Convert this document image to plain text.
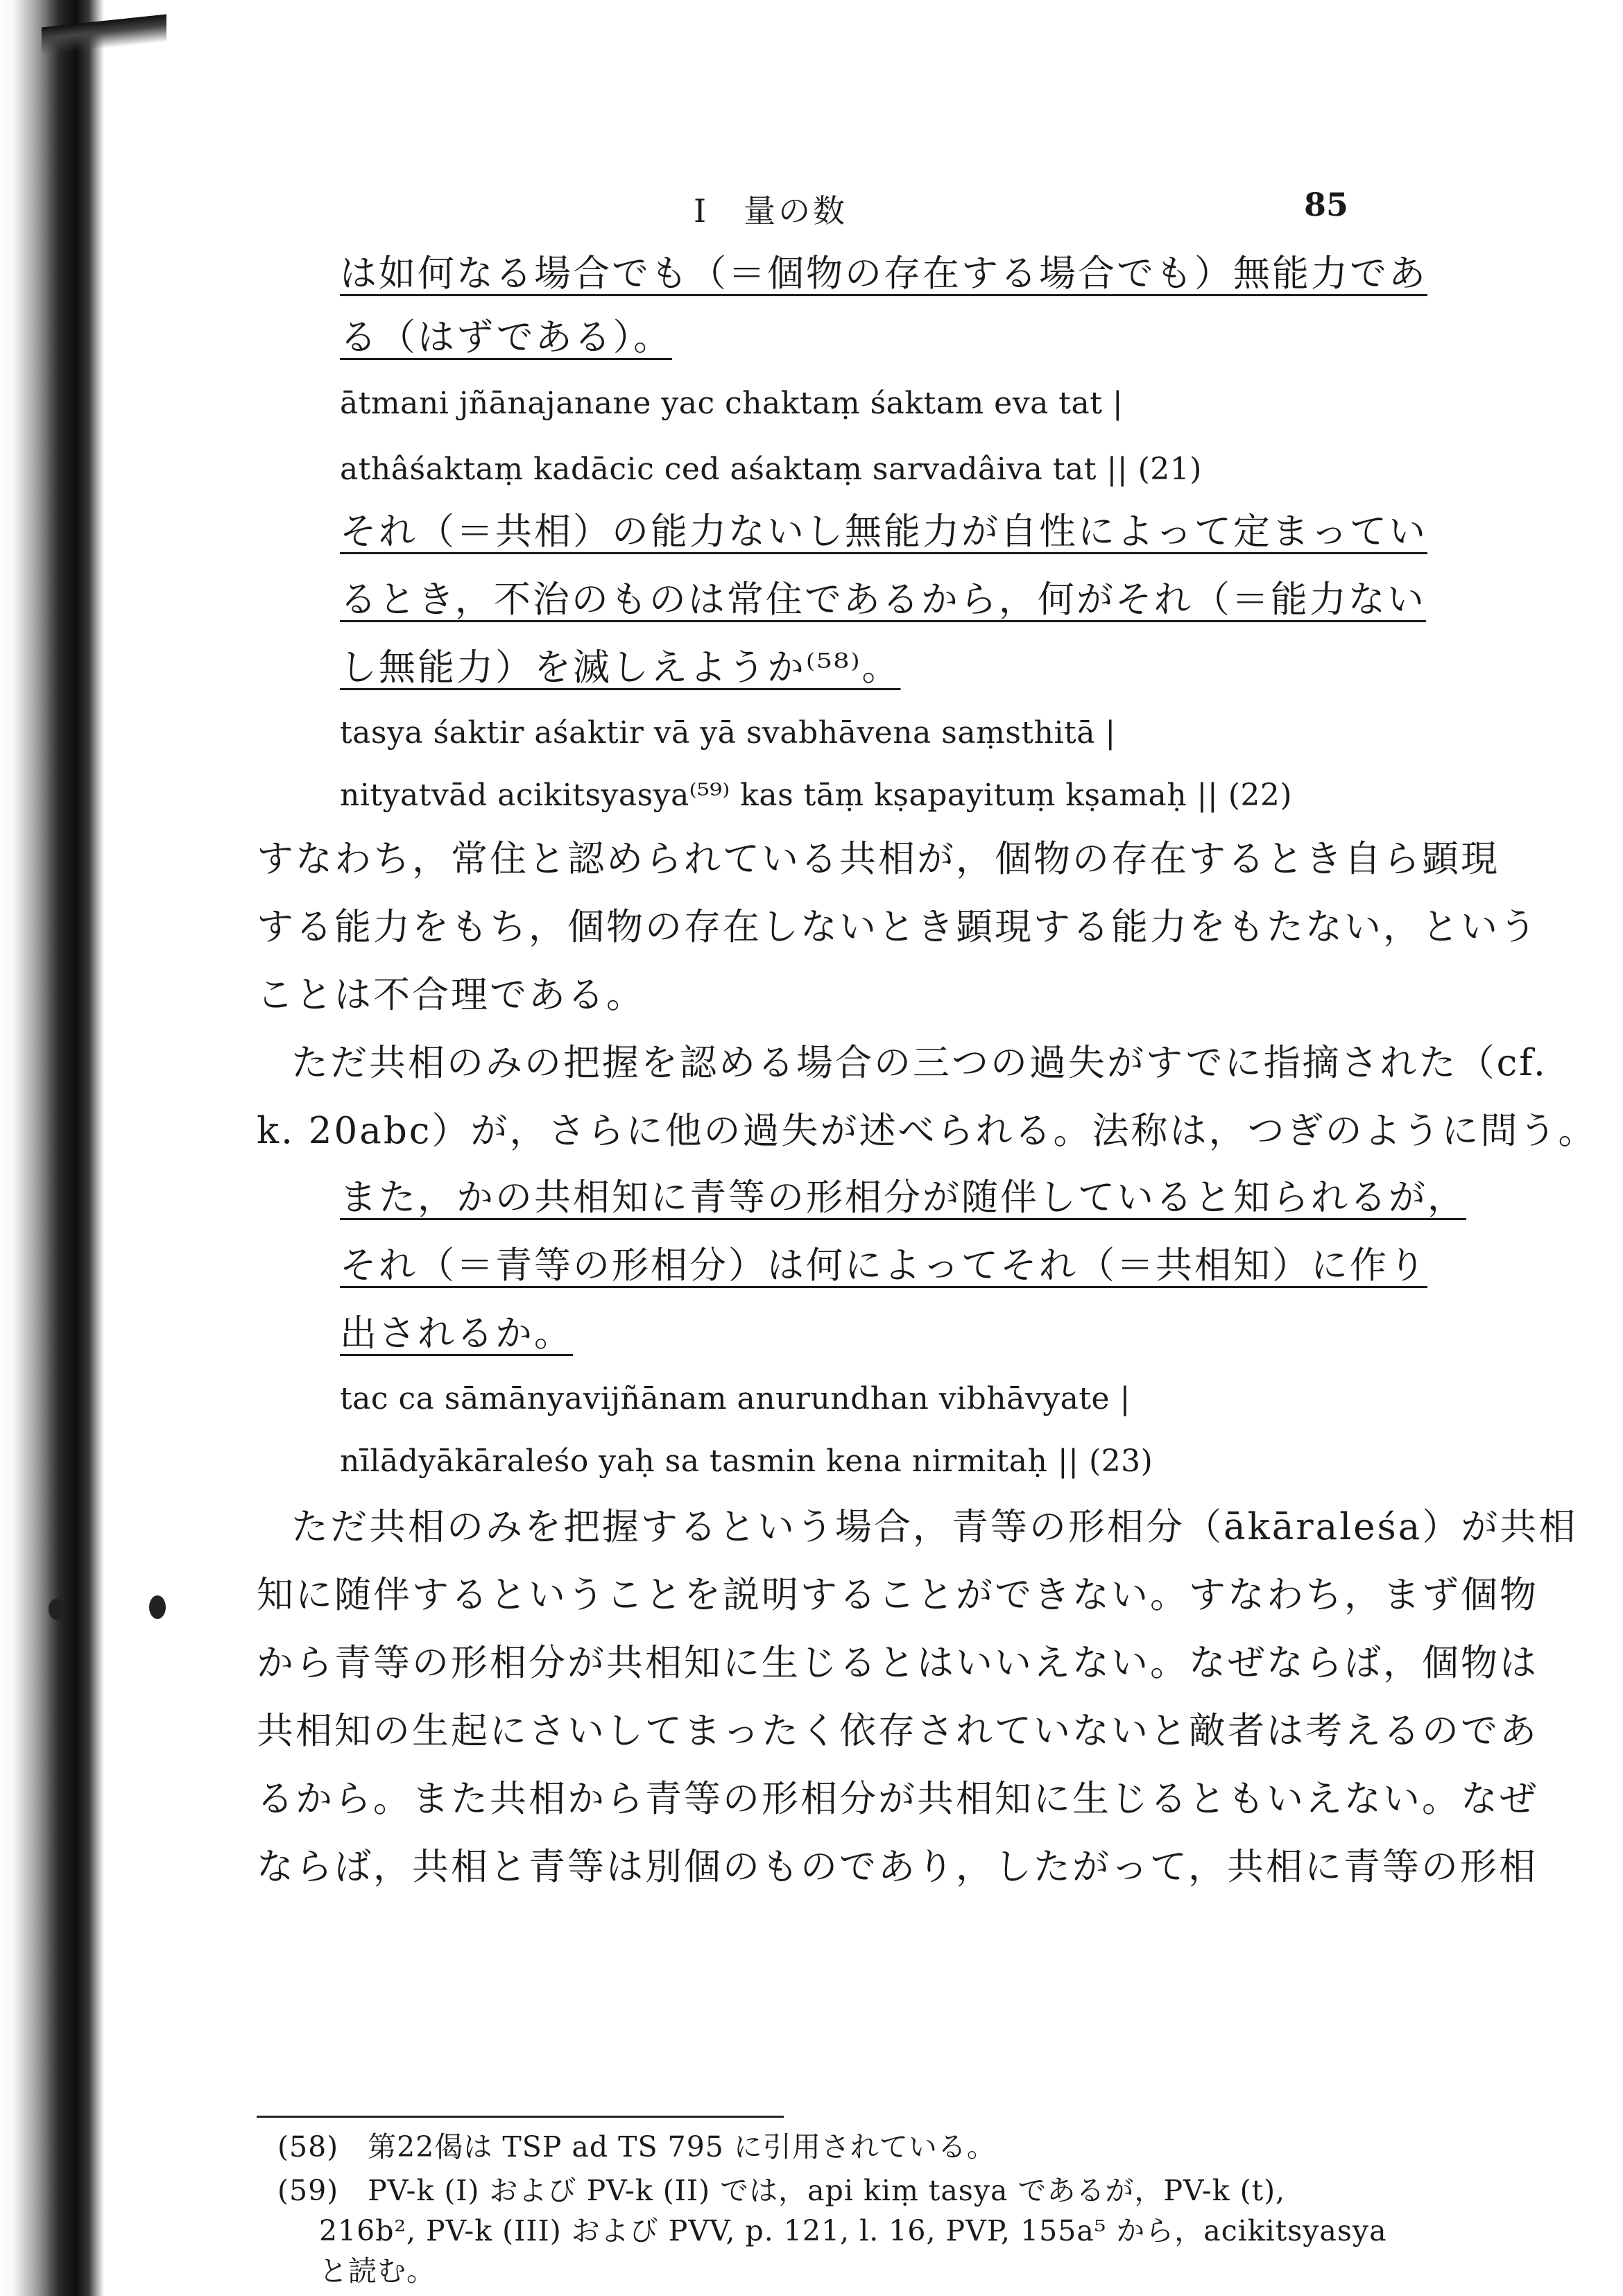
I　量の数	85
は如何なる場合でも（＝個物の存在する場合でも）無能力であ
る（はずである）。
ātmani jñānajanane yac chaktaṃ śaktam eva tat |
athâśaktaṃ kadācic ced aśaktaṃ sarvadâiva tat || (21)
それ（＝共相）の能力ないし無能力が自性によって定まってい
るとき，不治のものは常住であるから，何がそれ（＝能力ない
し無能力）を滅しえようか⁽⁵⁸⁾。
tasya śaktir aśaktir vā yā svabhāvena saṃsthitā |
nityatvād acikitsyasya⁽⁵⁹⁾ kas tāṃ kṣapayituṃ kṣamaḥ || (22)
すなわち，常住と認められている共相が，個物の存在するとき自ら顕現
する能力をもち，個物の存在しないとき顕現する能力をもたない，という
ことは不合理である。
ただ共相のみの把握を認める場合の三つの過失がすでに指摘された（cf.
k. 20abc）が，さらに他の過失が述べられる。法称は，つぎのように問う。
また，かの共相知に青等の形相分が随伴していると知られるが，
それ（＝青等の形相分）は何によってそれ（＝共相知）に作り
出されるか。
tac ca sāmānyavijñānam anurundhan vibhāvyate |
nīlādyākāraleśo yaḥ sa tasmin kena nirmitaḥ || (23)
ただ共相のみを把握するという場合，青等の形相分（ākāraleśa）が共相
知に随伴するということを説明することができない。すなわち，まず個物
から青等の形相分が共相知に生じるとはいいえない。なぜならば，個物は
共相知の生起にさいしてまったく依存されていないと敵者は考えるのであ
るから。また共相から青等の形相分が共相知に生じるともいえない。なぜ
ならば，共相と青等は別個のものであり，したがって，共相に青等の形相
(58)　第22偈は TSP ad TS 795 に引用されている。
(59)　PV-k (I) および PV-k (II) では，api kiṃ tasya であるが，PV-k (t),
216b², PV-k (III) および PVV, p. 121, l. 16, PVP, 155a⁵ から，acikitsyasya
と読む。
